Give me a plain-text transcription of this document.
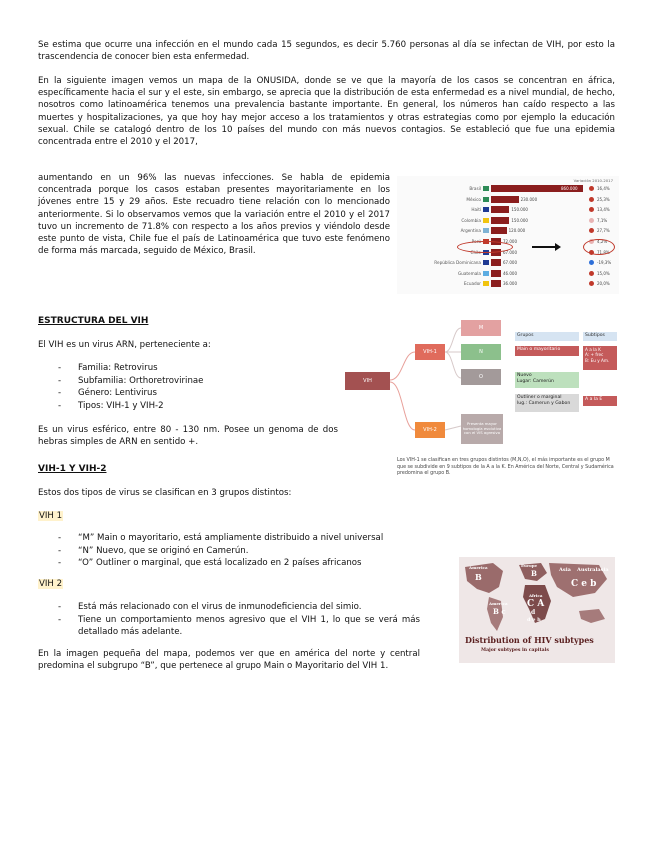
Se estima que ocurre una infección en el mundo cada 15 segundos, es decir 5.760 personas al día se infectan de VIH, por esto la trascendencia de conocer bien esta enfermedad.

En la siguiente imagen vemos un mapa de la ONUSIDA, donde se ve que la mayoría de los casos se concentran en áfrica, específicamente hacia el sur y el este, sin embargo, se aprecia que la distribución de esta enfermedad es a nivel mundial, de hecho, nosotros como latinoamérica tenemos una prevalencia bastante importante. En general, los números han caído respecto a las muertes y hospitalizaciones, ya que hoy hay mejor acceso a los tratamientos y otras estrategias como por ejemplo la educación sexual. Chile se catalogó dentro de los 10 países del mundo con más nuevos contagios. Se estableció que fue una epidemia concentrada entre el 2010 y el 2017,

aumentando en un 96% las nuevas infecciones. Se habla de epidemia concentrada porque los casos estaban presentes mayoritariamente en los jóvenes entre 15 y 29 años. Este recuadro tiene relación con lo mencionado anteriormente. Si lo observamos vemos que la variación entre el 2010 y el 2017 tuvo un incremento de 71.8% con respecto a los años previos y viéndolo desde este punto de vista, Chile fue el país de Latinoamérica que tuvo este fenómeno de forma más marcada, seguido de México, Brasil.

Variación 2010-2017
Brasil	860.000	16,4%
México	230.000	25,3%
Haití	150.000	13,4%
Colombia	150.000	7,1%
Argentina	120.000	27,7%
Perú	72.000	4,2%
Chile	67.000	71,8%
República Dominicana	67.000	-19,3%
Guatemala	46.000	15,0%
Ecuador	36.000	20,0%
ESTRUCTURA DEL VIH

El VIH es un virus ARN, perteneciente a:

- Familia: Retrovirus
- Subfamilia: Orthoretrovirinae
- Género: Lentivirus
- Tipos: VIH-1 y VIH-2

Es un virus esférico, entre 80 - 130 nm. Posee un genoma de dos hebras simples de ARN en sentido +.

VIH
VIH-1
VIH-2
M
N
O
Presenta mayor homología evolutiva con el VIS agresivo
Grupos	Subtipos
Main o mayoritario	A a la K
A: + frec
B: Eu y Am.
Nuevo
Lugar: Camerún
Outliner o marginal
lug.: Camerun y Gabon
A a la E
Los VIH-1 se clasifican en tres grupos distintos (M,N,O), el más importante es el grupo M que se subdivide en 9 subtipos de la A a la K. En América del Norte, Central y Sudamérica predomina el grupo B.
VIH-1 Y VIH-2

Estos dos tipos de virus se clasifican en 3 grupos distintos:

VIH 1

- “M” Main o mayoritario, está ampliamente distribuido a nivel universal
- “N” Nuevo, que se originó en Camerún.
- “O” Outliner o marginal, que está localizado en 2 países africanos

VIH 2

- Está más relacionado con el virus de inmunodeficiencia del simio.
- Tiene un comportamiento menos agresivo que el VIH 1, lo que se verá más detallado más adelante.

En la imagen pequeña del mapa, podemos ver que en américa del norte y central predomina el subgrupo “B”, que pertenece al grupo Main o Mayoritario del VIH 1.

America
B
Europe
B	Asia Australasia
C e b
Africa
C A
d
d e h
America
B c
Distribution of HIV subtypes
Major subtypes in capitals
